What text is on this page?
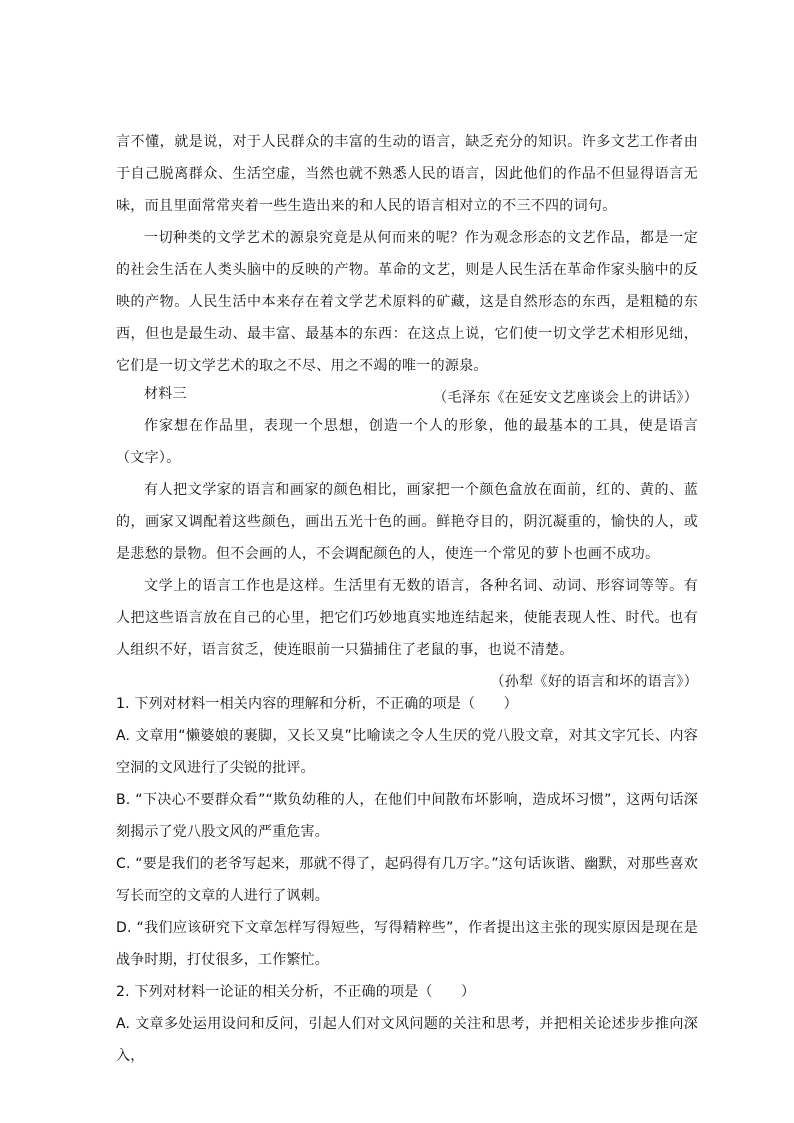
言不懂，就是说，对于人民群众的丰富的生动的语言，缺乏充分的知识。许多文艺工作者由于自己脱离群众、生活空虚，当然也就不熟悉人民的语言，因此他们的作品不但显得语言无味，而且里面常常夹着一些生造出来的和人民的语言相对立的不三不四的词句。

一切种类的文学艺术的源泉究竟是从何而来的呢？作为观念形态的文艺作品，都是一定的社会生活在人类头脑中的反映的产物。革命的文艺，则是人民生活在革命作家头脑中的反映的产物。人民生活中本来存在着文学艺术原料的矿藏，这是自然形态的东西，是粗糙的东西，但也是最生动、最丰富、最基本的东西：在这点上说，它们使一切文学艺术相形见绌，它们是一切文学艺术的取之不尽、用之不竭的唯一的源泉。

（毛泽东《在延安文艺座谈会上的讲话》）

材料三

作家想在作品里，表现一个思想，创造一个人的形象，他的最基本的工具，使是语言（文字）。

有人把文学家的语言和画家的颜色相比，画家把一个颜色盒放在面前，红的、黄的、蓝的，画家又调配着这些颜色，画出五光十色的画。鲜艳夺目的，阴沉凝重的，愉快的人，或是悲愁的景物。但不会画的人，不会调配颜色的人，使连一个常见的萝卜也画不成功。

文学上的语言工作也是这样。生活里有无数的语言，各种名词、动词、形容词等等。有人把这些语言放在自己的心里，把它们巧妙地真实地连结起来，使能表现人性、时代。也有人组织不好，语言贫乏，使连眼前一只猫捕住了老鼠的事，也说不清楚。

（孙犁《好的语言和坏的语言》）

1. 下列对材料一相关内容的理解和分析，不正确的项是（　　）

A. 文章用“懒婆娘的裹脚，又长又臭”比喻读之令人生厌的党八股文章，对其文字冗长、内容空洞的文风进行了尖锐的批评。

B. “下决心不要群众看”“欺负幼稚的人，在他们中间散布坏影响，造成坏习惯”，这两句话深刻揭示了党八股文风的严重危害。

C. “要是我们的老爷写起来，那就不得了，起码得有几万字。”这句话诙谐、幽默，对那些喜欢写长而空的文章的人进行了讽刺。

D. “我们应该研究下文章怎样写得短些，写得精粹些”，作者提出这主张的现实原因是现在是战争时期，打仗很多，工作繁忙。

2. 下列对材料一论证的相关分析，不正确的项是（　　）

A. 文章多处运用设问和反问，引起人们对文风问题的关注和思考，并把相关论述步步推向深入，
